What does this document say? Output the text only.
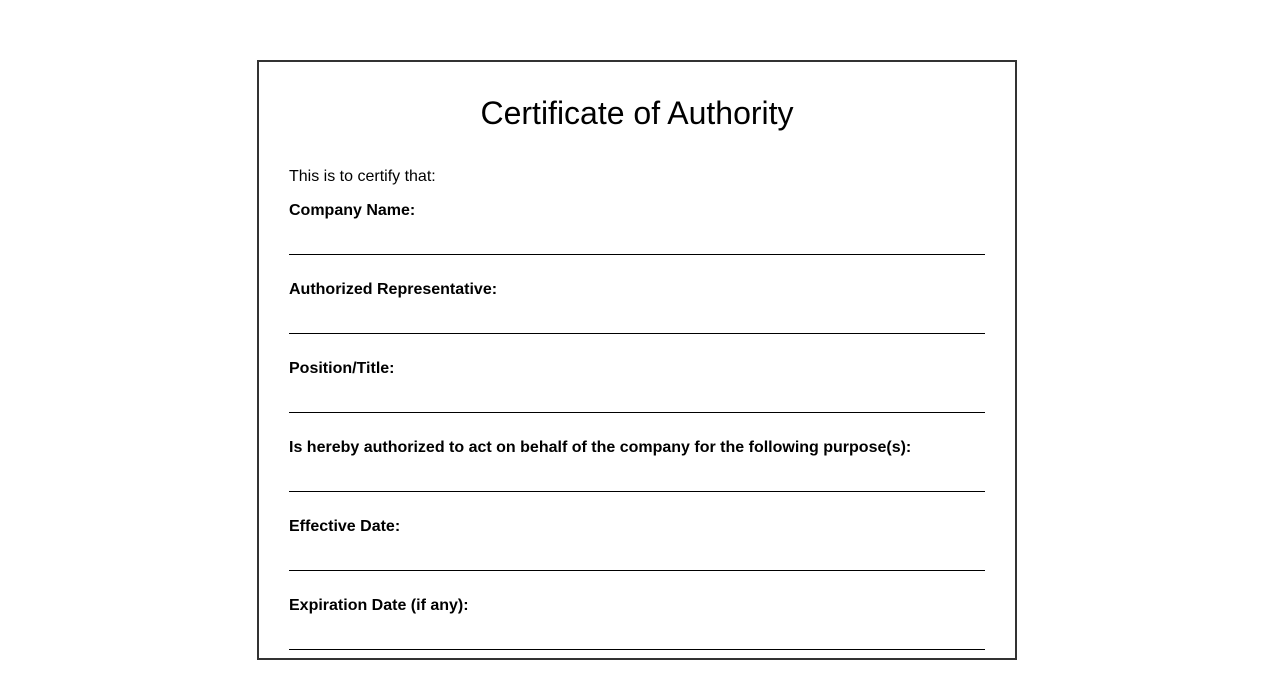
Certificate of Authority

This is to certify that:

Company Name:

Authorized Representative:

Position/Title:

Is hereby authorized to act on behalf of the company for the following purpose(s):

Effective Date:

Expiration Date (if any):
